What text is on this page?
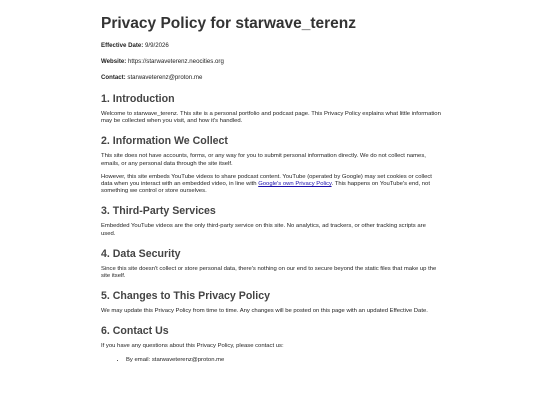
Privacy Policy for starwave_terenz

Effective Date: 9/9/2026

Website: https://starwaveterenz.neocities.org

Contact: starwaveterenz@proton.me

1. Introduction

Welcome to starwave_terenz. This site is a personal portfolio and podcast page. This Privacy Policy explains what little information may be collected when you visit, and how it's handled.

2. Information We Collect

This site does not have accounts, forms, or any way for you to submit personal information directly. We do not collect names, emails, or any personal data through the site itself.

However, this site embeds YouTube videos to share podcast content. YouTube (operated by Google) may set cookies or collect data when you interact with an embedded video, in line with Google's own Privacy Policy. This happens on YouTube's end, not something we control or store ourselves.

3. Third-Party Services

Embedded YouTube videos are the only third-party service on this site. No analytics, ad trackers, or other tracking scripts are used.

4. Data Security

Since this site doesn't collect or store personal data, there's nothing on our end to secure beyond the static files that make up the site itself.

5. Changes to This Privacy Policy

We may update this Privacy Policy from time to time. Any changes will be posted on this page with an updated Effective Date.

6. Contact Us

If you have any questions about this Privacy Policy, please contact us:

• By email: starwaveterenz@proton.me
